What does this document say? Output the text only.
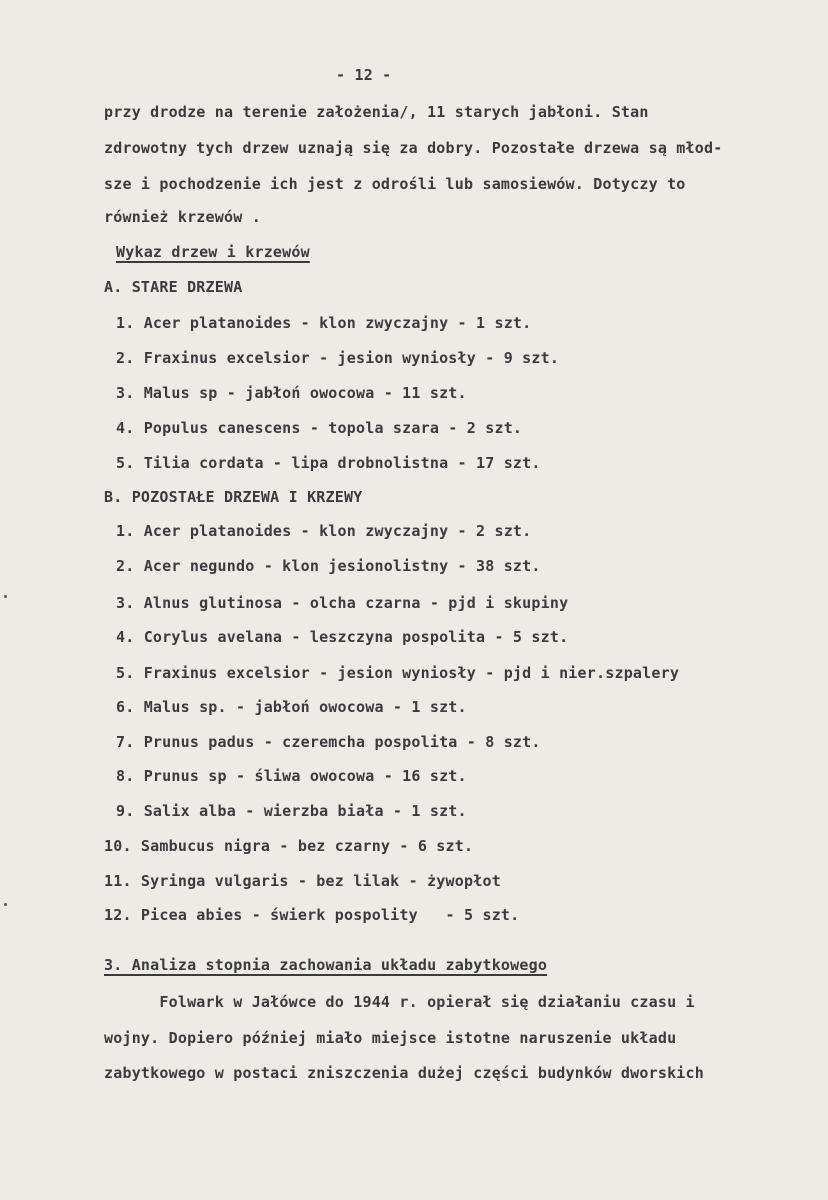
- 12 -
przy drodze na terenie założenia/, 11 starych jabłoni. Stan
zdrowotny tych drzew uznają się za dobry. Pozostałe drzewa są młod-
sze i pochodzenie ich jest z odrośli lub samosiewów. Dotyczy to
również krzewów .
Wykaz drzew i krzewów
A. STARE DRZEWA
1. Acer platanoides - klon zwyczajny - 1 szt.
2. Fraxinus excelsior - jesion wyniosły - 9 szt.
3. Malus sp - jabłoń owocowa - 11 szt.
4. Populus canescens - topola szara - 2 szt.
5. Tilia cordata - lipa drobnolistna - 17 szt.
B. POZOSTAŁE DRZEWA I KRZEWY
1. Acer platanoides - klon zwyczajny - 2 szt.
2. Acer negundo - klon jesionolistny - 38 szt.
3. Alnus glutinosa - olcha czarna - pjd i skupiny
4. Corylus avelana - leszczyna pospolita - 5 szt.
5. Fraxinus excelsior - jesion wyniosły - pjd i nier.szpalery
6. Malus sp. - jabłoń owocowa - 1 szt.
7. Prunus padus - czeremcha pospolita - 8 szt.
8. Prunus sp - śliwa owocowa - 16 szt.
9. Salix alba - wierzba biała - 1 szt.
10. Sambucus nigra - bez czarny - 6 szt.
11. Syringa vulgaris - bez lilak - żywopłot
12. Picea abies - świerk pospolity   - 5 szt.
3. Analiza stopnia zachowania układu zabytkowego
Folwark w Jałówce do 1944 r. opierał się działaniu czasu i
wojny. Dopiero później miało miejsce istotne naruszenie układu
zabytkowego w postaci zniszczenia dużej części budynków dworskich
